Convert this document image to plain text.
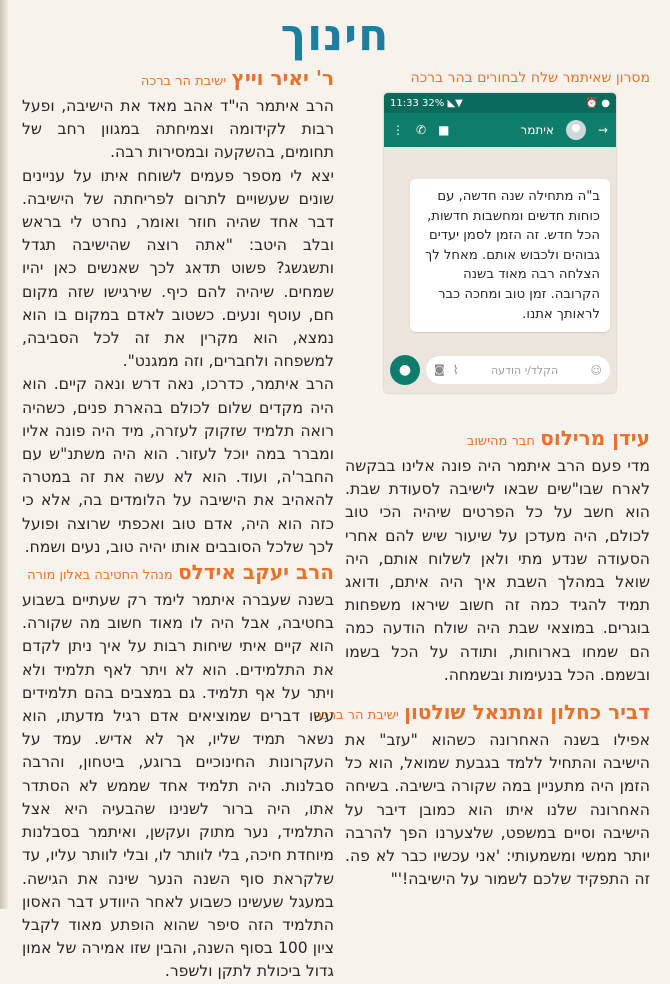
חינוך

מסרון שאיתמר שלח לבחורים בהר ברכה

עידן מרילוס חבר מהישוב

מדי פעם הרב איתמר היה פונה אלינו בבקשה לארח שבו"שים שבאו לישיבה לסעודת שבת. הוא חשב על כל הפרטים שיהיה הכי טוב לכולם, היה מעדכן על שיעור שיש להם אחרי הסעודה שנדע מתי ולאן לשלוח אותם, היה שואל במהלך השבת איך היה איתם, ודואג תמיד להגיד כמה זה חשוב שיראו משפחות בוגרים. במוצאי שבת היה שולח הודעה כמה הם שמחו בארוחות, ותודה על הכל בשמו ובשמם. הכל בנעימות ובשמחה.

דביר כחלון ומתנאל שולטון ישיבת הר ברכה

אפילו בשנה האחרונה כשהוא "עזב" את הישיבה והתחיל ללמד בגבעת שמואל, הוא כל הזמן היה מתעניין במה שקורה בישיבה. בשיחה האחרונה שלנו איתו הוא כמובן דיבר על הישיבה וסיים במשפט, שלצערנו הפך להרבה יותר ממשי ומשמעותי: 'אני עכשיו כבר לא פה. זה התפקיד שלכם לשמור על הישיבה!'"

11:33 32% ◣▼	⏰ ●
⋮ ✆ ■	איתמר	→
ב"ה מתחילה שנה חדשה, עם כוחות חדשים ומחשבות חדשות, הכל חדש. זה הזמן לסמן יעדים גבוהים ולכבוש אותם. מאחל לך הצלחה רבה מאוד בשנה הקרובה. זמן טוב ומחכה כבר לראותך אתנו.
●	◙ ⌇	הקלד/י הודעה	☺

ר' יאיר וייץ ישיבת הר ברכה

הרב איתמר הי"ד אהב מאד את הישיבה, ופעל רבות לקידומה וצמיחתה במגוון רחב של תחומים, בהשקעה ובמסירות רבה.

יצא לי מספר פעמים לשוחח איתו על עניינים שונים שעשויים לתרום לפריחתה של הישיבה. דבר אחד שהיה חוזר ואומר, נחרט לי בראש ובלב היטב: "אתה רוצה שהישיבה תגדל ותשגשג? פשוט תדאג לכך שאנשים כאן יהיו שמחים. שיהיה להם כיף. שירגישו שזה מקום חם, עוטף ונעים. כשטוב לאדם במקום בו הוא נמצא, הוא מקרין את זה לכל הסביבה, למשפחה ולחברים, וזה ממגנט".

הרב איתמר, כדרכו, נאה דרש ונאה קיים. הוא היה מקדים שלום לכולם בהארת פנים, כשהיה רואה תלמיד שזקוק לעזרה, מיד היה פונה אליו ומברר במה יוכל לעזור. הוא היה משתנ"ש עם החבר'ה, ועוד. הוא לא עשה את זה במטרה להאהיב את הישיבה על הלומדים בה, אלא כי כזה הוא היה, אדם טוב ואכפתי שרוצה ופועל לכך שלכל הסובבים אותו יהיה טוב, נעים ושמח.

הרב יעקב אידלס מנהל החטיבה באלון מורה

בשנה שעברה איתמר לימד רק שעתיים בשבוע בחטיבה, אבל היה לו מאוד חשוב מה שקורה. הוא קיים איתי שיחות רבות על איך ניתן לקדם את התלמידים. הוא לא ויתר לאף תלמיד ולא ויתר על אף תלמיד. גם במצבים בהם תלמידים עשו דברים שמוציאים אדם רגיל מדעתו, הוא נשאר תמיד שליו, אך לא אדיש. עמד על העקרונות החינוכיים ברוגע, ביטחון, והרבה סבלנות. היה תלמיד אחד שממש לא הסתדר אתו, היה ברור לשנינו שהבעיה היא אצל התלמיד, נער מתוק ועקשן, ואיתמר בסבלנות מיוחדת חיכה, בלי לוותר לו, ובלי לוותר עליו, עד שלקראת סוף השנה הנער שינה את הגישה. במעגל שעשינו כשבוע לאחר היוודע דבר האסון התלמיד הזה סיפר שהוא הופתע מאוד לקבל ציון 100 בסוף השנה, והבין שזו אמירה של אמון גדול ביכולת לתקן ולשפר.
